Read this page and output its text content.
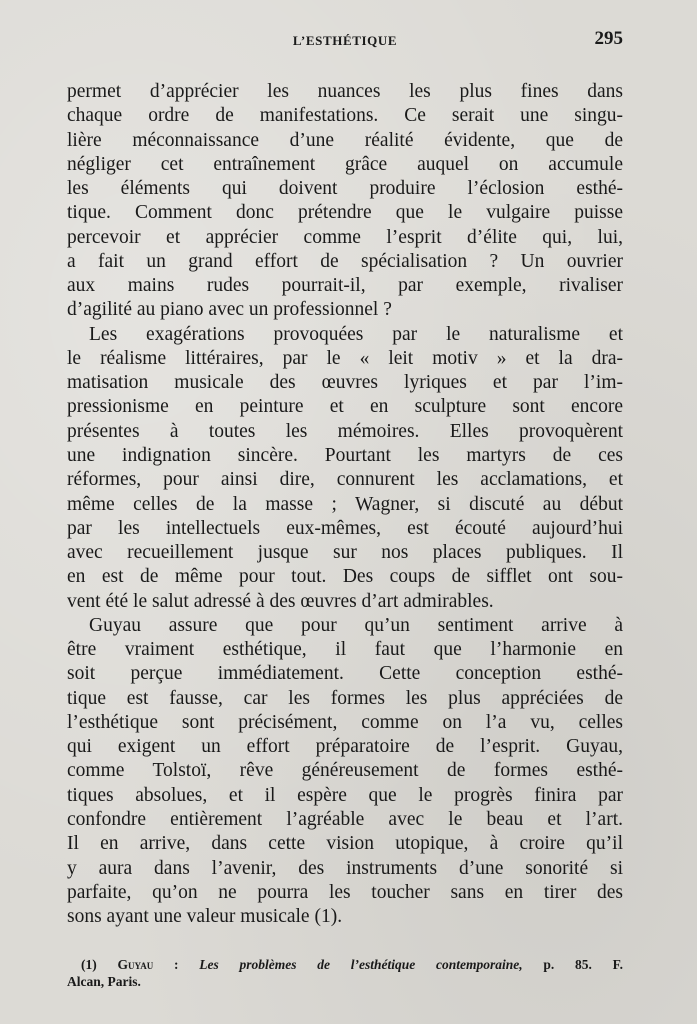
L’ESTHÉTIQUE	295
permet d’apprécier les nuances les plus fines dans
chaque ordre de manifestations. Ce serait une singu-
lière méconnaissance d’une réalité évidente, que de
négliger cet entraînement grâce auquel on accumule
les éléments qui doivent produire l’éclosion esthé-
tique. Comment donc prétendre que le vulgaire puisse
percevoir et apprécier comme l’esprit d’élite qui, lui,
a fait un grand effort de spécialisation ? Un ouvrier
aux mains rudes pourrait-il, par exemple, rivaliser
d’agilité au piano avec un professionnel ?
Les exagérations provoquées par le naturalisme et
le réalisme littéraires, par le « leit motiv » et la dra-
matisation musicale des œuvres lyriques et par l’im-
pressionisme en peinture et en sculpture sont encore
présentes à toutes les mémoires. Elles provoquèrent
une indignation sincère. Pourtant les martyrs de ces
réformes, pour ainsi dire, connurent les acclamations, et
même celles de la masse ; Wagner, si discuté au début
par les intellectuels eux-mêmes, est écouté aujourd’hui
avec recueillement jusque sur nos places publiques. Il
en est de même pour tout. Des coups de sifflet ont sou-
vent été le salut adressé à des œuvres d’art admirables.
Guyau assure que pour qu’un sentiment arrive à
être vraiment esthétique, il faut que l’harmonie en
soit perçue immédiatement. Cette conception esthé-
tique est fausse, car les formes les plus appréciées de
l’esthétique sont précisément, comme on l’a vu, celles
qui exigent un effort préparatoire de l’esprit. Guyau,
comme Tolstoï, rêve généreusement de formes esthé-
tiques absolues, et il espère que le progrès finira par
confondre entièrement l’agréable avec le beau et l’art.
Il en arrive, dans cette vision utopique, à croire qu’il
y aura dans l’avenir, des instruments d’une sonorité si
parfaite, qu’on ne pourra les toucher sans en tirer des
sons ayant une valeur musicale (1).
(1) Guyau : Les problèmes de l’esthétique contemporaine, p. 85. F.
Alcan, Paris.
